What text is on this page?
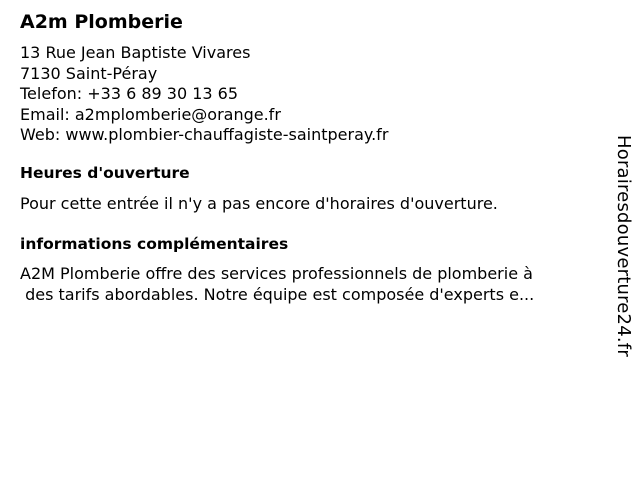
A2m Plomberie
13 Rue Jean Baptiste Vivares
7130 Saint-Péray
Telefon: +33 6 89 30 13 65
Email: a2mplomberie@orange.fr
Web: www.plombier-chauffagiste-saintperay.fr
Heures d'ouverture
Pour cette entrée il n'y a pas encore d'horaires d'ouverture.
informations complémentaires
A2M Plomberie offre des services professionnels de plomberie à
des tarifs abordables. Notre équipe est composée d'experts e...	Horairesdouverture24.fr
